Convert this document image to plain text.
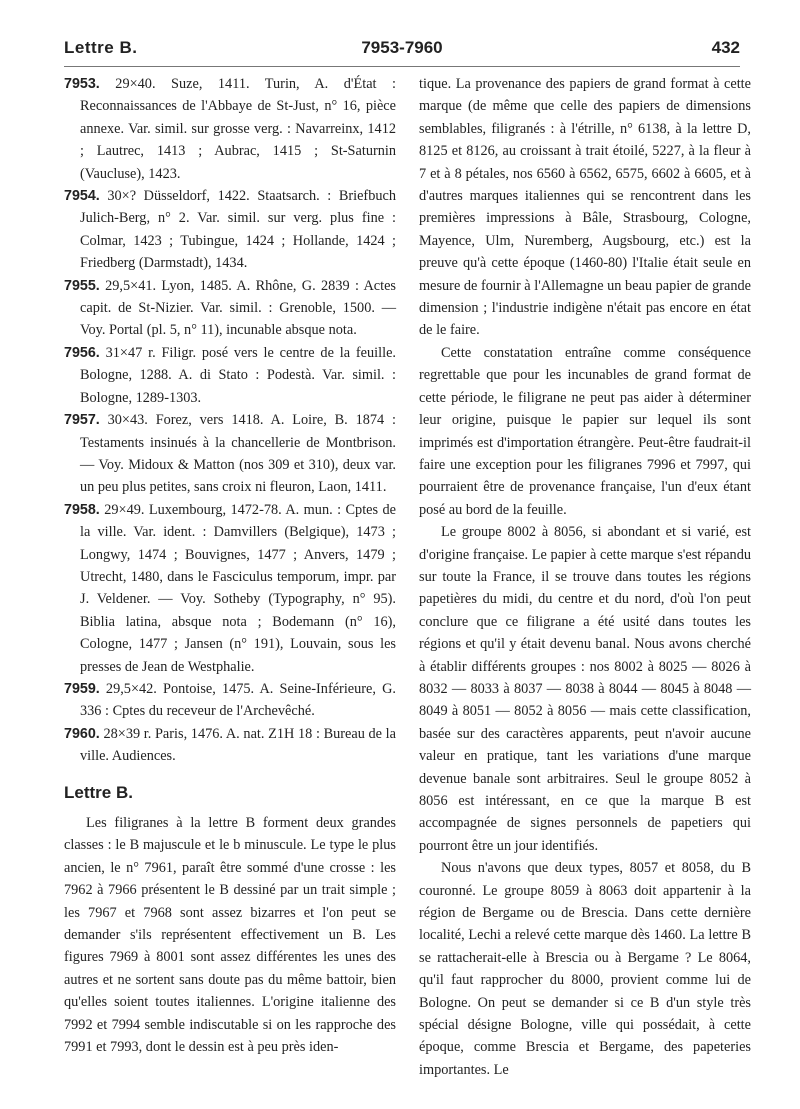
Lettre B.	7953-7960	432

7953. 29×40. Suze, 1411. Turin, A. d'État : Reconnaissances de l'Abbaye de St-Just, n° 16, pièce annexe. Var. simil. sur grosse verg. : Navarreinx, 1412 ; Lautrec, 1413 ; Aubrac, 1415 ; St-Saturnin (Vaucluse), 1423.

7954. 30×? Düsseldorf, 1422. Staatsarch. : Briefbuch Julich-Berg, n° 2. Var. simil. sur verg. plus fine : Colmar, 1423 ; Tubingue, 1424 ; Hollande, 1424 ; Friedberg (Darmstadt), 1434.

7955. 29,5×41. Lyon, 1485. A. Rhône, G. 2839 : Actes capit. de St-Nizier. Var. simil. : Grenoble, 1500. — Voy. Portal (pl. 5, n° 11), incunable absque nota.

7956. 31×47 r. Filigr. posé vers le centre de la feuille. Bologne, 1288. A. di Stato : Podestà. Var. simil. : Bologne, 1289-1303.

7957. 30×43. Forez, vers 1418. A. Loire, B. 1874 : Testaments insinués à la chancellerie de Montbrison. — Voy. Midoux & Matton (nos 309 et 310), deux var. un peu plus petites, sans croix ni fleuron, Laon, 1411.

7958. 29×49. Luxembourg, 1472-78. A. mun. : Cptes de la ville. Var. ident. : Damvillers (Belgique), 1473 ; Longwy, 1474 ; Bouvignes, 1477 ; Anvers, 1479 ; Utrecht, 1480, dans le Fasciculus temporum, impr. par J. Veldener. — Voy. Sotheby (Typography, n° 95). Biblia latina, absque nota ; Bodemann (n° 16), Cologne, 1477 ; Jansen (n° 191), Louvain, sous les presses de Jean de Westphalie.

7959. 29,5×42. Pontoise, 1475. A. Seine-Inférieure, G. 336 : Cptes du receveur de l'Archevêché.

7960. 28×39 r. Paris, 1476. A. nat. Z1H 18 : Bureau de la ville. Audiences.

Lettre B.

Les filigranes à la lettre B forment deux grandes classes : le B majuscule et le b minuscule. Le type le plus ancien, le n° 7961, paraît être sommé d'une crosse : les 7962 à 7966 présentent le B dessiné par un trait simple ; les 7967 et 7968 sont assez bizarres et l'on peut se demander s'ils représentent effectivement un B. Les figures 7969 à 8001 sont assez différentes les unes des autres et ne sortent sans doute pas du même battoir, bien qu'elles soient toutes italiennes. L'origine italienne des 7992 et 7994 semble indiscutable si on les rapproche des 7991 et 7993, dont le dessin est à peu près iden-

tique. La provenance des papiers de grand format à cette marque (de même que celle des papiers de dimensions semblables, filigranés : à l'étrille, n° 6138, à la lettre D, 8125 et 8126, au croissant à trait étoilé, 5227, à la fleur à 7 et à 8 pétales, nos 6560 à 6562, 6575, 6602 à 6605, et à d'autres marques italiennes qui se rencontrent dans les premières impressions à Bâle, Strasbourg, Cologne, Mayence, Ulm, Nuremberg, Augsbourg, etc.) est la preuve qu'à cette époque (1460-80) l'Italie était seule en mesure de fournir à l'Allemagne un beau papier de grande dimension ; l'industrie indigène n'était pas encore en état de le faire.

Cette constatation entraîne comme conséquence regrettable que pour les incunables de grand format de cette période, le filigrane ne peut pas aider à déterminer leur origine, puisque le papier sur lequel ils sont imprimés est d'importation étrangère. Peut-être faudrait-il faire une exception pour les filigranes 7996 et 7997, qui pourraient être de provenance française, l'un d'eux étant posé au bord de la feuille.

Le groupe 8002 à 8056, si abondant et si varié, est d'origine française. Le papier à cette marque s'est répandu sur toute la France, il se trouve dans toutes les régions papetières du midi, du centre et du nord, d'où l'on peut conclure que ce filigrane a été usité dans toutes les régions et qu'il y était devenu banal. Nous avons cherché à établir différents groupes : nos 8002 à 8025 — 8026 à 8032 — 8033 à 8037 — 8038 à 8044 — 8045 à 8048 — 8049 à 8051 — 8052 à 8056 — mais cette classification, basée sur des caractères apparents, peut n'avoir aucune valeur en pratique, tant les variations d'une marque devenue banale sont arbitraires. Seul le groupe 8052 à 8056 est intéressant, en ce que la marque B est accompagnée de signes personnels de papetiers qui pourront être un jour identifiés.

Nous n'avons que deux types, 8057 et 8058, du B couronné. Le groupe 8059 à 8063 doit appartenir à la région de Bergame ou de Brescia. Dans cette dernière localité, Lechi a relevé cette marque dès 1460. La lettre B se rattacherait-elle à Brescia ou à Bergame ? Le 8064, qu'il faut rapprocher du 8000, provient comme lui de Bologne. On peut se demander si ce B d'un style très spécial désigne Bologne, ville qui possédait, à cette époque, comme Brescia et Bergame, des papeteries importantes. Le
